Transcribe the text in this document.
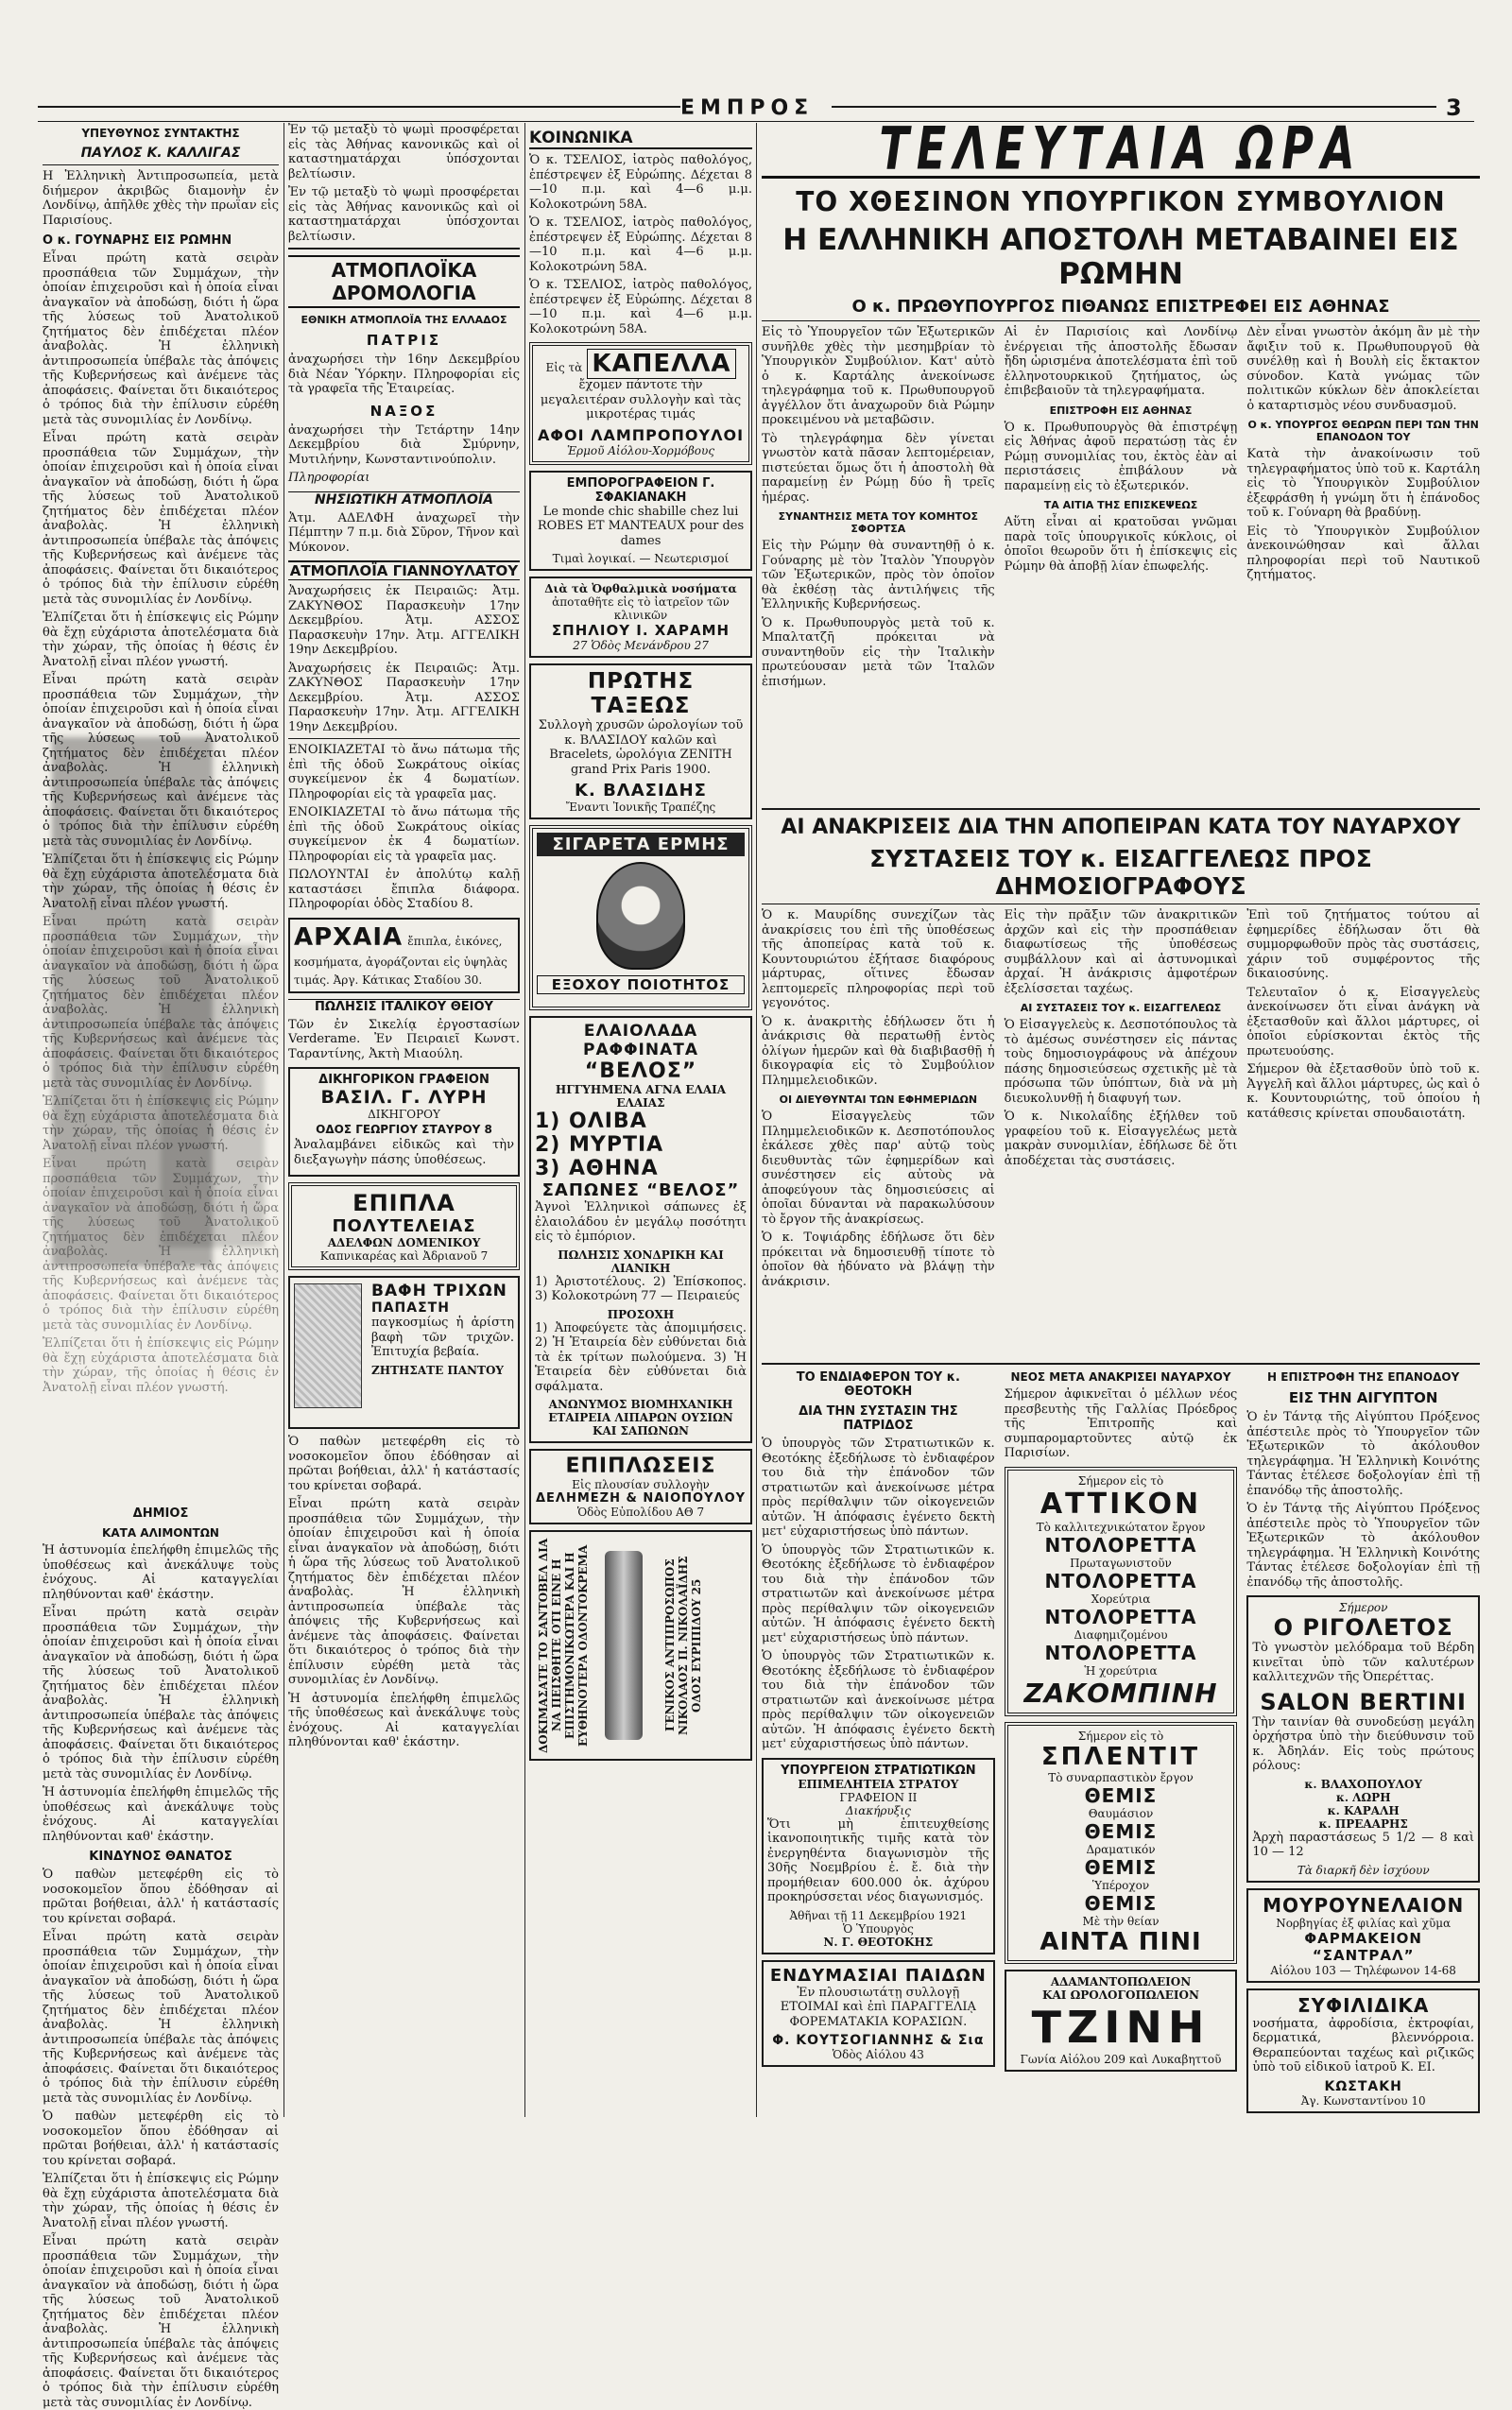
ΕΜΠΡΟΣ	3
ΥΠΕΥΘΥΝΟΣ ΣΥΝΤΑΚΤΗΣ
ΠΑΥΛΟΣ Κ. ΚΑΛΛΙΓΑΣ

Η Ἑλληνικὴ Ἀντιπροσωπεία, μετὰ διήμερον ἀκριβῶς διαμονὴν ἐν Λονδίνῳ, ἀπῆλθε χθὲς τὴν πρωΐαν εἰς Παρισίους.

Ο κ. ΓΟΥΝΑΡΗΣ ΕΙΣ ΡΩΜΗΝ

Εἶναι πρώτη κατὰ σειρὰν προσπάθεια τῶν Συμμάχων, τὴν ὁποίαν ἐπιχειροῦσι καὶ ἡ ὁποία εἶναι ἀναγκαῖον νὰ ἀποδώσῃ, διότι ἡ ὥρα τῆς λύσεως τοῦ Ἀνατολικοῦ ζητήματος δὲν ἐπιδέχεται πλέον ἀναβολὰς. Ἡ ἑλληνικὴ ἀντιπροσωπεία ὑπέβαλε τὰς ἀπόψεις τῆς Κυβερνήσεως καὶ ἀνέμενε τὰς ἀποφάσεις. Φαίνεται ὅτι δικαιότερος ὁ τρόπος διὰ τὴν ἐπίλυσιν εὑρέθη μετὰ τὰς συνομιλίας ἐν Λονδίνῳ.

Εἶναι πρώτη κατὰ σειρὰν προσπάθεια τῶν Συμμάχων, τὴν ὁποίαν ἐπιχειροῦσι καὶ ἡ ὁποία εἶναι ἀναγκαῖον νὰ ἀποδώσῃ, διότι ἡ ὥρα τῆς λύσεως τοῦ Ἀνατολικοῦ ζητήματος δὲν ἐπιδέχεται πλέον ἀναβολὰς. Ἡ ἑλληνικὴ ἀντιπροσωπεία ὑπέβαλε τὰς ἀπόψεις τῆς Κυβερνήσεως καὶ ἀνέμενε τὰς ἀποφάσεις. Φαίνεται ὅτι δικαιότερος ὁ τρόπος διὰ τὴν ἐπίλυσιν εὑρέθη μετὰ τὰς συνομιλίας ἐν Λονδίνῳ.

Ἐλπίζεται ὅτι ἡ ἐπίσκεψις εἰς Ρώμην θὰ ἔχῃ εὐχάριστα ἀποτελέσματα διὰ τὴν χώραν, τῆς ὁποίας ἡ θέσις ἐν Ἀνατολῇ εἶναι πλέον γνωστή.

Εἶναι πρώτη κατὰ σειρὰν προσπάθεια τῶν Συμμάχων, τὴν ὁποίαν ἐπιχειροῦσι καὶ ἡ ὁποία εἶναι ἀναγκαῖον νὰ ἀποδώσῃ, διότι ἡ ὥρα τῆς λύσεως τοῦ Ἀνατολικοῦ ζητήματος δὲν ἐπιδέχεται πλέον ἀναβολὰς. Ἡ ἑλληνικὴ ἀντιπροσωπεία ὑπέβαλε τὰς ἀπόψεις τῆς Κυβερνήσεως καὶ ἀνέμενε τὰς ἀποφάσεις. Φαίνεται ὅτι δικαιότερος ὁ τρόπος διὰ τὴν ἐπίλυσιν εὑρέθη μετὰ τὰς συνομιλίας ἐν Λονδίνῳ.

Ἐλπίζεται ὅτι ἡ ἐπίσκεψις εἰς Ρώμην θὰ ἔχῃ εὐχάριστα ἀποτελέσματα διὰ τὴν χώραν, τῆς ὁποίας ἡ θέσις ἐν Ἀνατολῇ εἶναι πλέον γνωστή.

Εἶναι πρώτη κατὰ σειρὰν προσπάθεια τῶν Συμμάχων, τὴν ὁποίαν ἐπιχειροῦσι καὶ ἡ ὁποία εἶναι ἀναγκαῖον νὰ ἀποδώσῃ, διότι ἡ ὥρα τῆς λύσεως τοῦ Ἀνατολικοῦ ζητήματος δὲν ἐπιδέχεται πλέον ἀναβολὰς. Ἡ ἑλληνικὴ ἀντιπροσωπεία ὑπέβαλε τὰς ἀπόψεις τῆς Κυβερνήσεως καὶ ἀνέμενε τὰς ἀποφάσεις. Φαίνεται ὅτι δικαιότερος ὁ τρόπος διὰ τὴν ἐπίλυσιν εὑρέθη μετὰ τὰς συνομιλίας ἐν Λονδίνῳ.

Ἐλπίζεται ὅτι ἡ ἐπίσκεψις εἰς Ρώμην θὰ ἔχῃ εὐχάριστα ἀποτελέσματα διὰ τὴν χώραν, τῆς ὁποίας ἡ θέσις ἐν Ἀνατολῇ εἶναι πλέον γνωστή.

Εἶναι πρώτη κατὰ σειρὰν προσπάθεια τῶν Συμμάχων, τὴν ὁποίαν ἐπιχειροῦσι καὶ ἡ ὁποία εἶναι ἀναγκαῖον νὰ ἀποδώσῃ, διότι ἡ ὥρα τῆς λύσεως τοῦ Ἀνατολικοῦ ζητήματος δὲν ἐπιδέχεται πλέον ἀναβολὰς. Ἡ ἑλληνικὴ ἀντιπροσωπεία ὑπέβαλε τὰς ἀπόψεις τῆς Κυβερνήσεως καὶ ἀνέμενε τὰς ἀποφάσεις. Φαίνεται ὅτι δικαιότερος ὁ τρόπος διὰ τὴν ἐπίλυσιν εὑρέθη μετὰ τὰς συνομιλίας ἐν Λονδίνῳ.

Ἐλπίζεται ὅτι ἡ ἐπίσκεψις εἰς Ρώμην θὰ ἔχῃ εὐχάριστα ἀποτελέσματα διὰ τὴν χώραν, τῆς ὁποίας ἡ θέσις ἐν Ἀνατολῇ εἶναι πλέον γνωστή.

ΔΗΜΙΟΣ
ΚΑΤΑ ΑΛΙΜΟΝΤΩΝ

Ἡ ἀστυνομία ἐπελήφθη ἐπιμελῶς τῆς ὑποθέσεως καὶ ἀνεκάλυψε τοὺς ἐνόχους. Αἱ καταγγελίαι πληθύνονται καθ' ἑκάστην.

Εἶναι πρώτη κατὰ σειρὰν προσπάθεια τῶν Συμμάχων, τὴν ὁποίαν ἐπιχειροῦσι καὶ ἡ ὁποία εἶναι ἀναγκαῖον νὰ ἀποδώσῃ, διότι ἡ ὥρα τῆς λύσεως τοῦ Ἀνατολικοῦ ζητήματος δὲν ἐπιδέχεται πλέον ἀναβολὰς. Ἡ ἑλληνικὴ ἀντιπροσωπεία ὑπέβαλε τὰς ἀπόψεις τῆς Κυβερνήσεως καὶ ἀνέμενε τὰς ἀποφάσεις. Φαίνεται ὅτι δικαιότερος ὁ τρόπος διὰ τὴν ἐπίλυσιν εὑρέθη μετὰ τὰς συνομιλίας ἐν Λονδίνῳ.

Ἡ ἀστυνομία ἐπελήφθη ἐπιμελῶς τῆς ὑποθέσεως καὶ ἀνεκάλυψε τοὺς ἐνόχους. Αἱ καταγγελίαι πληθύνονται καθ' ἑκάστην.

ΚΙΝΔΥΝΟΣ ΘΑΝΑΤΟΣ

Ὁ παθὼν μετεφέρθη εἰς τὸ νοσοκομεῖον ὅπου ἐδόθησαν αἱ πρῶται βοήθειαι, ἀλλ' ἡ κατάστασίς του κρίνεται σοβαρά.

Εἶναι πρώτη κατὰ σειρὰν προσπάθεια τῶν Συμμάχων, τὴν ὁποίαν ἐπιχειροῦσι καὶ ἡ ὁποία εἶναι ἀναγκαῖον νὰ ἀποδώσῃ, διότι ἡ ὥρα τῆς λύσεως τοῦ Ἀνατολικοῦ ζητήματος δὲν ἐπιδέχεται πλέον ἀναβολὰς. Ἡ ἑλληνικὴ ἀντιπροσωπεία ὑπέβαλε τὰς ἀπόψεις τῆς Κυβερνήσεως καὶ ἀνέμενε τὰς ἀποφάσεις. Φαίνεται ὅτι δικαιότερος ὁ τρόπος διὰ τὴν ἐπίλυσιν εὑρέθη μετὰ τὰς συνομιλίας ἐν Λονδίνῳ.

Ὁ παθὼν μετεφέρθη εἰς τὸ νοσοκομεῖον ὅπου ἐδόθησαν αἱ πρῶται βοήθειαι, ἀλλ' ἡ κατάστασίς του κρίνεται σοβαρά.

Ἐλπίζεται ὅτι ἡ ἐπίσκεψις εἰς Ρώμην θὰ ἔχῃ εὐχάριστα ἀποτελέσματα διὰ τὴν χώραν, τῆς ὁποίας ἡ θέσις ἐν Ἀνατολῇ εἶναι πλέον γνωστή.

Εἶναι πρώτη κατὰ σειρὰν προσπάθεια τῶν Συμμάχων, τὴν ὁποίαν ἐπιχειροῦσι καὶ ἡ ὁποία εἶναι ἀναγκαῖον νὰ ἀποδώσῃ, διότι ἡ ὥρα τῆς λύσεως τοῦ Ἀνατολικοῦ ζητήματος δὲν ἐπιδέχεται πλέον ἀναβολὰς. Ἡ ἑλληνικὴ ἀντιπροσωπεία ὑπέβαλε τὰς ἀπόψεις τῆς Κυβερνήσεως καὶ ἀνέμενε τὰς ἀποφάσεις. Φαίνεται ὅτι δικαιότερος ὁ τρόπος διὰ τὴν ἐπίλυσιν εὑρέθη μετὰ τὰς συνομιλίας ἐν Λονδίνῳ.

Ἐν τῷ μεταξὺ τὸ ψωμὶ προσφέρεται εἰς τὰς Ἀθήνας κανονικῶς καὶ οἱ καταστηματάρχαι ὑπόσχονται βελτίωσιν.

Ἐν τῷ μεταξὺ τὸ ψωμὶ προσφέρεται εἰς τὰς Ἀθήνας κανονικῶς καὶ οἱ καταστηματάρχαι ὑπόσχονται βελτίωσιν.

ΑΤΜΟΠΛΟΪΚΑ ΔΡΟΜΟΛΟΓΙΑ
ΕΘΝΙΚΗ ΑΤΜΟΠΛΟΪΑ ΤΗΣ ΕΛΛΑΔΟΣ
ΠΑΤΡΙΣ

ἀναχωρήσει τὴν 16ην Δεκεμβρίου διὰ Νέαν Ὑόρκην. Πληροφορίαι εἰς τὰ γραφεῖα τῆς Ἑταιρείας.

ΝΑΞΟΣ

ἀναχωρήσει τὴν Τετάρτην 14ην Δεκεμβρίου διὰ Σμύρνην, Μυτιλήνην, Κωνσταντινούπολιν.

Πληροφορίαι

ΝΗΣΙΩΤΙΚΗ ΑΤΜΟΠΛΟΪΑ

Ἀτμ. ΑΔΕΛΦΗ ἀναχωρεῖ τὴν Πέμπτην 7 π.μ. διὰ Σῦρον, Τῆνον καὶ Μύκονον.

ΑΤΜΟΠΛΟΪΑ ΓΙΑΝΝΟΥΛΑΤΟΥ

Ἀναχωρήσεις ἐκ Πειραιῶς: Ἀτμ. ΖΑΚΥΝΘΟΣ Παρασκευὴν 17ην Δεκεμβρίου. Ἀτμ. ΑΣΣΟΣ Παρασκευὴν 17ην. Ἀτμ. ΑΓΓΕΛΙΚΗ 19ην Δεκεμβρίου.

Ἀναχωρήσεις ἐκ Πειραιῶς: Ἀτμ. ΖΑΚΥΝΘΟΣ Παρασκευὴν 17ην Δεκεμβρίου. Ἀτμ. ΑΣΣΟΣ Παρασκευὴν 17ην. Ἀτμ. ΑΓΓΕΛΙΚΗ 19ην Δεκεμβρίου.

ΕΝΟΙΚΙΑΖΕΤΑΙ τὸ ἄνω πάτωμα τῆς ἐπὶ τῆς ὁδοῦ Σωκράτους οἰκίας συγκείμενον ἐκ 4 δωματίων. Πληροφορίαι εἰς τὰ γραφεῖα μας.

ΕΝΟΙΚΙΑΖΕΤΑΙ τὸ ἄνω πάτωμα τῆς ἐπὶ τῆς ὁδοῦ Σωκράτους οἰκίας συγκείμενον ἐκ 4 δωματίων. Πληροφορίαι εἰς τὰ γραφεῖα μας.

ΠΩΛΟΥΝΤΑΙ ἐν ἀπολύτῳ καλῇ καταστάσει ἔπιπλα διάφορα. Πληροφορίαι ὁδὸς Σταδίου 8.

ΑΡΧΑΙΑ ἔπιπλα, ἐικόνες, κοσμήματα, ἀγοράζονται εἰς ὑψηλὰς τιμάς. Ἀργ. Κάτικας Σταδίου 30.
ΠΩΛΗΣΙΣ ΙΤΑΛΙΚΟΥ ΘΕΙΟΥ

Τῶν ἐν Σικελίᾳ ἐργοστασίων Verderame. Ἐν Πειραιεῖ Κωνστ. Ταραντίνης, Ἀκτὴ Μιαούλη.

ΔΙΚΗΓΟΡΙΚΟΝ ΓΡΑΦΕΙΟΝ
ΒΑΣΙΛ. Γ. ΛΥΡΗ
ΔΙΚΗΓΟΡΟΥ
ΟΔΟΣ ΓΕΩΡΓΙΟΥ ΣΤΑΥΡΟΥ 8

Ἀναλαμβάνει εἰδικῶς καὶ τὴν διεξαγωγὴν πάσης ὑποθέσεως.

ΕΠΙΠΛΑ
ΠΟΛΥΤΕΛΕΙΑΣ
ΑΔΕΛΦΩΝ ΔΟΜΕΝΙΚΟΥ
Καπνικαρέας καὶ Ἀδριανοῦ 7
ΒΑΦΗ ΤΡΙΧΩΝ
ΠΑΠΑΣΤΗ

παγκοσμίως ἡ ἀρίστη βαφὴ τῶν τριχῶν. Ἐπιτυχία βεβαία.

ΖΗΤΗΣΑΤΕ ΠΑΝΤΟΥ

Ὁ παθὼν μετεφέρθη εἰς τὸ νοσοκομεῖον ὅπου ἐδόθησαν αἱ πρῶται βοήθειαι, ἀλλ' ἡ κατάστασίς του κρίνεται σοβαρά.

Εἶναι πρώτη κατὰ σειρὰν προσπάθεια τῶν Συμμάχων, τὴν ὁποίαν ἐπιχειροῦσι καὶ ἡ ὁποία εἶναι ἀναγκαῖον νὰ ἀποδώσῃ, διότι ἡ ὥρα τῆς λύσεως τοῦ Ἀνατολικοῦ ζητήματος δὲν ἐπιδέχεται πλέον ἀναβολὰς. Ἡ ἑλληνικὴ ἀντιπροσωπεία ὑπέβαλε τὰς ἀπόψεις τῆς Κυβερνήσεως καὶ ἀνέμενε τὰς ἀποφάσεις. Φαίνεται ὅτι δικαιότερος ὁ τρόπος διὰ τὴν ἐπίλυσιν εὑρέθη μετὰ τὰς συνομιλίας ἐν Λονδίνῳ.

Ἡ ἀστυνομία ἐπελήφθη ἐπιμελῶς τῆς ὑποθέσεως καὶ ἀνεκάλυψε τοὺς ἐνόχους. Αἱ καταγγελίαι πληθύνονται καθ' ἑκάστην.

ΚΟΙΝΩΝΙΚΑ

Ὁ κ. ΤΣΕΛΙΟΣ, ἰατρὸς παθολόγος, ἐπέστρεψεν ἐξ Εὐρώπης. Δέχεται 8—10 π.μ. καὶ 4—6 μ.μ. Κολοκοτρώνη 58Α.

Ὁ κ. ΤΣΕΛΙΟΣ, ἰατρὸς παθολόγος, ἐπέστρεψεν ἐξ Εὐρώπης. Δέχεται 8—10 π.μ. καὶ 4—6 μ.μ. Κολοκοτρώνη 58Α.

Ὁ κ. ΤΣΕΛΙΟΣ, ἰατρὸς παθολόγος, ἐπέστρεψεν ἐξ Εὐρώπης. Δέχεται 8—10 π.μ. καὶ 4—6 μ.μ. Κολοκοτρώνη 58Α.

Εἰς τὰ ΚΑΠΕΛΛΑ

ἔχομεν πάντοτε τὴν μεγαλειτέραν συλλογὴν καὶ τὰς μικροτέρας τιμάς

ΑΦΟΙ ΛΑΜΠΡΟΠΟΥΛΟΙ
Ἑρμοῦ Αἰόλου-Χορμόβους
ΕΜΠΟΡΟΓΡΑΦΕΙΟΝ Γ. ΣΦΑΚΙΑΝΑΚΗ

Le monde chic shabille chez lui ROBES ET MANTEAUX pour des dames

Τιμαὶ λογικαί. — Νεωτερισμοί
Διὰ τὰ Ὀφθαλμικὰ νοσήματα
ἀποταθῆτε εἰς τὸ ἰατρεῖον τῶν κλινικῶν
ΣΠΗΛΙΟΥ Ι. ΧΑΡΑΜΗ
27 Ὁδὸς Μενάνδρου 27
ΠΡΩΤΗΣ ΤΑΞΕΩΣ

Συλλογὴ χρυσῶν ὡρολογίων τοῦ κ. ΒΛΑΣΙΔΟΥ καλῶν καὶ Bracelets, ὡρολόγια ZENITH grand Prix Paris 1900.

Κ. ΒΛΑΣΙΔΗΣ
Ἔναντι Ἰονικῆς Τραπέζης
ΣΙΓΑΡΕΤΑ ΕΡΜΗΣ
ΕΞΟΧΟΥ ΠΟΙΟΤΗΤΟΣ
ΕΛΑΙΟΛΑΔΑ ΡΑΦΦΙΝΑΤΑ
“ΒΕΛΟΣ”
ΗΓΓΥΗΜΕΝΑ ΑΓΝΑ ΕΛΑΙΑ ΕΛΑΙΑΣ
1) ΟΛΙΒΑ
2) ΜΥΡΤΙΑ
3) ΑΘΗΝΑ
ΣΑΠΩΝΕΣ “ΒΕΛΟΣ”

Ἁγνοὶ Ἑλληνικοὶ σάπωνες ἐξ ἐλαιολάδου ἐν μεγάλῳ ποσότητι εἰς τὸ ἐμπόριον.

ΠΩΛΗΣΙΣ ΧΟΝΔΡΙΚΗ ΚΑΙ ΛΙΑΝΙΚΗ

1) Ἀριστοτέλους. 2) Ἐπίσκοπος. 3) Κολοκοτρώνη 77 — Πειραιεύς

ΠΡΟΣΟΧΗ

1) Ἀποφεύγετε τὰς ἀπομιμήσεις. 2) Ἡ Ἑταιρεία δὲν εὐθύνεται διὰ τὰ ἐκ τρίτων πωλούμενα. 3) Ἡ Ἑταιρεία δὲν εὐθύνεται διὰ σφάλματα.

ΑΝΩΝΥΜΟΣ ΒΙΟΜΗΧΑΝΙΚΗ ΕΤΑΙΡΕΙΑ ΛΙΠΑΡΩΝ ΟΥΣΙΩΝ ΚΑΙ ΣΑΠΩΝΩΝ
ΕΠΙΠΛΩΣΕΙΣ
Εἰς πλουσίαν συλλογὴν
ΔΕΛΗΜΕΖΗ & ΝΑΙΟΠΟΥΛΟΥ
Ὁδὸς Εὐπολίδου ΑΘ 7
ΔΟΚΙΜΑΣΑΤΕ ΤΟ ΣΑΝΤΟΒΕΛ ΔΙΑ ΝΑ ΠΕΙΣΘΗΤΕ ΟΤΙ ΕΙΝΕ Η ΕΠΙΣΤΗΜΟΝΙΚΩΤΕΡΑ ΚΑΙ Η ΕΥΘΗΝΟΤΕΡΑ ΟΔΟΝΤΟΚΡΕΜΑ	ΓΕΝΙΚΟΣ ΑΝΤΙΠΡΟΣΩΠΟΣ ΝΙΚΟΛΑΟΣ Π. ΝΙΚΟΛΑΪΔΗΣ ΟΔΟΣ ΕΥΡΙΠΙΔΟΥ 25
ΤΕΛΕΥΤΑΙΑ ΩΡΑ
ΤΟ ΧΘΕΣΙΝΟΝ ΥΠΟΥΡΓΙΚΟΝ ΣΥΜΒΟΥΛΙΟΝ
Η ΕΛΛΗΝΙΚΗ ΑΠΟΣΤΟΛΗ ΜΕΤΑΒΑΙΝΕΙ ΕΙΣ ΡΩΜΗΝ
Ο κ. ΠΡΩΘΥΠΟΥΡΓΟΣ ΠΙΘΑΝΩΣ ΕΠΙΣΤΡΕΦΕΙ ΕΙΣ ΑΘΗΝΑΣ

Εἰς τὸ Ὑπουργεῖον τῶν Ἐξωτερικῶν συνῆλθε χθὲς τὴν μεσημβρίαν τὸ Ὑπουργικὸν Συμβούλιον. Κατ' αὐτὸ ὁ κ. Καρτάλης ἀνεκοίνωσε τηλεγράφημα τοῦ κ. Πρωθυπουργοῦ ἀγγέλλον ὅτι ἀναχωροῦν διὰ Ρώμην προκειμένου νὰ μεταβῶσιν.

Τὸ τηλεγράφημα δὲν γίνεται γνωστὸν κατὰ πᾶσαν λεπτομέρειαν, πιστεύεται ὅμως ὅτι ἡ ἀποστολὴ θὰ παραμείνῃ ἐν Ρώμῃ δύο ἢ τρεῖς ἡμέρας.

ΣΥΝΑΝΤΗΣΙΣ ΜΕΤΑ ΤΟΥ ΚΟΜΗΤΟΣ ΣΦΟΡΤΣΑ

Εἰς τὴν Ρώμην θὰ συναντηθῇ ὁ κ. Γούναρης μὲ τὸν Ἰταλὸν Ὑπουργὸν τῶν Ἐξωτερικῶν, πρὸς τὸν ὁποῖον θὰ ἐκθέσῃ τὰς ἀντιλήψεις τῆς Ἑλληνικῆς Κυβερνήσεως.

Ὁ κ. Πρωθυπουργὸς μετὰ τοῦ κ. Μπαλτατζῆ πρόκειται νὰ συναντηθοῦν εἰς τὴν Ἰταλικὴν πρωτεύουσαν μετὰ τῶν Ἰταλῶν ἐπισήμων.

Αἱ ἐν Παρισίοις καὶ Λονδίνῳ ἐνέργειαι τῆς ἀποστολῆς ἔδωσαν ἤδη ὡρισμένα ἀποτελέσματα ἐπὶ τοῦ ἑλληνοτουρκικοῦ ζητήματος, ὡς ἐπιβεβαιοῦν τὰ τηλεγραφήματα.

ΕΠΙΣΤΡΟΦΗ ΕΙΣ ΑΘΗΝΑΣ

Ὁ κ. Πρωθυπουργὸς θὰ ἐπιστρέψῃ εἰς Ἀθήνας ἀφοῦ περατώσῃ τὰς ἐν Ρώμῃ συνομιλίας του, ἐκτὸς ἐὰν αἱ περιστάσεις ἐπιβάλουν νὰ παραμείνῃ εἰς τὸ ἐξωτερικόν.

ΤΑ ΑΙΤΙΑ ΤΗΣ ΕΠΙΣΚΕΨΕΩΣ

Αὕτη εἶναι αἱ κρατοῦσαι γνῶμαι παρὰ τοῖς ὑπουργικοῖς κύκλοις, οἱ ὁποῖοι θεωροῦν ὅτι ἡ ἐπίσκεψις εἰς Ρώμην θὰ ἀποβῇ λίαν ἐπωφελής.

Δὲν εἶναι γνωστὸν ἀκόμη ἂν μὲ τὴν ἄφιξιν τοῦ κ. Πρωθυπουργοῦ θὰ συνέλθῃ καὶ ἡ Βουλὴ εἰς ἔκτακτον σύνοδον. Κατὰ γνώμας τῶν πολιτικῶν κύκλων δὲν ἀποκλείεται ὁ καταρτισμὸς νέου συνδυασμοῦ.

Ο κ. ΥΠΟΥΡΓΟΣ ΘΕΩΡΩΝ ΠΕΡΙ ΤΩΝ ΤΗΝ ΕΠΑΝΟΔΟΝ ΤΟΥ

Κατὰ τὴν ἀνακοίνωσιν τοῦ τηλεγραφήματος ὑπὸ τοῦ κ. Καρτάλη εἰς τὸ Ὑπουργικὸν Συμβούλιον ἐξεφράσθη ἡ γνώμη ὅτι ἡ ἐπάνοδος τοῦ κ. Γούναρη θὰ βραδύνῃ.

Εἰς τὸ Ὑπουργικὸν Συμβούλιον ἀνεκοινώθησαν καὶ ἄλλαι πληροφορίαι περὶ τοῦ Ναυτικοῦ ζητήματος.

ΑΙ ΑΝΑΚΡΙΣΕΙΣ ΔΙΑ ΤΗΝ ΑΠΟΠΕΙΡΑΝ ΚΑΤΑ ΤΟΥ ΝΑΥΑΡΧΟΥ
ΣΥΣΤΑΣΕΙΣ ΤΟΥ κ. ΕΙΣΑΓΓΕΛΕΩΣ ΠΡΟΣ ΔΗΜΟΣΙΟΓΡΑΦΟΥΣ

Ὁ κ. Μαυρίδης συνεχίζων τὰς ἀνακρίσεις του ἐπὶ τῆς ὑποθέσεως τῆς ἀποπείρας κατὰ τοῦ κ. Κουντουριώτου ἐξήτασε διαφόρους μάρτυρας, οἵτινες ἔδωσαν λεπτομερεῖς πληροφορίας περὶ τοῦ γεγονότος.

Ὁ κ. ἀνακριτὴς ἐδήλωσεν ὅτι ἡ ἀνάκρισις θὰ περατωθῇ ἐντὸς ὀλίγων ἡμερῶν καὶ θὰ διαβιβασθῇ ἡ δικογραφία εἰς τὸ Συμβούλιον Πλημμελειοδικῶν.

ΟΙ ΔΙΕΥΘΥΝΤΑΙ ΤΩΝ ΕΦΗΜΕΡΙΔΩΝ

Ὁ Εἰσαγγελεὺς τῶν Πλημμελειοδικῶν κ. Δεσποτόπουλος ἐκάλεσε χθὲς παρ' αὐτῷ τοὺς διευθυντὰς τῶν ἐφημερίδων καὶ συνέστησεν εἰς αὐτοὺς νὰ ἀποφεύγουν τὰς δημοσιεύσεις αἱ ὁποῖαι δύνανται νὰ παρακωλύσουν τὸ ἔργον τῆς ἀνακρίσεως.

Ὁ κ. Τοψιάρδης ἐδήλωσε ὅτι δὲν πρόκειται νὰ δημοσιευθῇ τίποτε τὸ ὁποῖον θὰ ἠδύνατο νὰ βλάψῃ τὴν ἀνάκρισιν.

Εἰς τὴν πρᾶξιν τῶν ἀνακριτικῶν ἀρχῶν καὶ εἰς τὴν προσπάθειαν διαφωτίσεως τῆς ὑποθέσεως συμβάλλουν καὶ αἱ ἀστυνομικαὶ ἀρχαί. Ἡ ἀνάκρισις ἀμφοτέρων ἐξελίσσεται ταχέως.

ΑΙ ΣΥΣΤΑΣΕΙΣ ΤΟΥ κ. ΕΙΣΑΓΓΕΛΕΩΣ

Ὁ Εἰσαγγελεὺς κ. Δεσποτόπουλος τὰ τὸ ἀμέσως συνέστησεν εἰς πάντας τοὺς δημοσιογράφους νὰ ἀπέχουν πάσης δημοσιεύσεως σχετικῆς μὲ τὰ πρόσωπα τῶν ὑπόπτων, διὰ νὰ μὴ διευκολυνθῇ ἡ διαφυγή των.

Ὁ κ. Νικολαΐδης ἐξήλθεν τοῦ γραφείου τοῦ κ. Εἰσαγγελέως μετὰ μακρὰν συνομιλίαν, ἐδήλωσε δὲ ὅτι ἀποδέχεται τὰς συστάσεις.

Ἐπὶ τοῦ ζητήματος τούτου αἱ ἐφημερίδες ἐδήλωσαν ὅτι θὰ συμμορφωθοῦν πρὸς τὰς συστάσεις, χάριν τοῦ συμφέροντος τῆς δικαιοσύνης.

Τελευταῖον ὁ κ. Εἰσαγγελεὺς ἀνεκοίνωσεν ὅτι εἶναι ἀνάγκη νὰ ἐξετασθοῦν καὶ ἄλλοι μάρτυρες, οἱ ὁποῖοι εὑρίσκονται ἐκτὸς τῆς πρωτευούσης.

Σήμερον θὰ ἐξετασθοῦν ὑπὸ τοῦ κ. Ἀγγελῆ καὶ ἄλλοι μάρτυρες, ὡς καὶ ὁ κ. Κουντουριώτης, τοῦ ὁποίου ἡ κατάθεσις κρίνεται σπουδαιοτάτη.

ΤΟ ΕΝΔΙΑΦΕΡΟΝ ΤΟΥ κ. ΘΕΟΤΟΚΗ
ΔΙΑ ΤΗΝ ΣΥΣΤΑΣΙΝ ΤΗΣ ΠΑΤΡΙΔΟΣ

Ὁ ὑπουργὸς τῶν Στρατιωτικῶν κ. Θεοτόκης ἐξεδήλωσε τὸ ἐνδιαφέρον του διὰ τὴν ἐπάνοδον τῶν στρατιωτῶν καὶ ἀνεκοίνωσε μέτρα πρὸς περίθαλψιν τῶν οἰκογενειῶν αὐτῶν. Ἡ ἀπόφασις ἐγένετο δεκτὴ μετ' εὐχαριστήσεως ὑπὸ πάντων.

Ὁ ὑπουργὸς τῶν Στρατιωτικῶν κ. Θεοτόκης ἐξεδήλωσε τὸ ἐνδιαφέρον του διὰ τὴν ἐπάνοδον τῶν στρατιωτῶν καὶ ἀνεκοίνωσε μέτρα πρὸς περίθαλψιν τῶν οἰκογενειῶν αὐτῶν. Ἡ ἀπόφασις ἐγένετο δεκτὴ μετ' εὐχαριστήσεως ὑπὸ πάντων.

Ὁ ὑπουργὸς τῶν Στρατιωτικῶν κ. Θεοτόκης ἐξεδήλωσε τὸ ἐνδιαφέρον του διὰ τὴν ἐπάνοδον τῶν στρατιωτῶν καὶ ἀνεκοίνωσε μέτρα πρὸς περίθαλψιν τῶν οἰκογενειῶν αὐτῶν. Ἡ ἀπόφασις ἐγένετο δεκτὴ μετ' εὐχαριστήσεως ὑπὸ πάντων.

ΥΠΟΥΡΓΕΙΟΝ ΣΤΡΑΤΙΩΤΙΚΩΝ
ΕΠΙΜΕΛΗΤΕΙΑ ΣΤΡΑΤΟΥ
ΓΡΑΦΕΙΟΝ ΙΙ
Διακήρυξις

Ὅτι μὴ ἐπιτευχθείσης ἱκανοποιητικῆς τιμῆς κατὰ τὸν ἐνεργηθέντα διαγωνισμὸν τῆς 30ῆς Νοεμβρίου ἐ. ἔ. διὰ τὴν προμήθειαν 600.000 ὀκ. ἀχύρου προκηρύσσεται νέος διαγωνισμός.

Ἀθῆναι τῇ 11 Δεκεμβρίου 1921
Ὁ Ὑπουργὸς
Ν. Γ. ΘΕΟΤΟΚΗΣ
ΕΝΔΥΜΑΣΙΑΙ ΠΑΙΔΩΝ

Ἐν πλουσιωτάτῃ συλλογῇ ΕΤΟΙΜΑΙ καὶ ἐπὶ ΠΑΡΑΓΓΕΛΙᾼ ΦΟΡΕΜΑΤΑΚΙΑ ΚΟΡΑΣΙΩΝ.

Φ. ΚΟΥΤΣΟΓΙΑΝΝΗΣ & Σια
Ὁδὸς Αἰόλου 43
ΝΕΟΣ ΜΕΤΑ ΑΝΑΚΡΙΣΕΙ ΝΑΥΑΡΧΟΥ

Σήμερον ἀφικνεῖται ὁ μέλλων νέος πρεσβευτὴς τῆς Γαλλίας Πρόεδρος τῆς Ἐπιτροπῆς καὶ συμπαρομαρτοῦντες αὐτῷ ἐκ Παρισίων.

Σήμερον εἰς τὸ
ΑΤΤΙΚΟΝ
Τὸ καλλιτεχνικώτατον ἔργον
ΝΤΟΛΟΡΕΤΤΑ
Πρωταγωνιστοῦν
ΝΤΟΛΟΡΕΤΤΑ
Χορεύτρια
ΝΤΟΛΟΡΕΤΤΑ
Διαφημιζομένου
ΝΤΟΛΟΡΕΤΤΑ
Ἡ χορεύτρια
ΖΑΚΟΜΠΙΝΗ
Σήμερον εἰς τὸ
ΣΠΛΕΝΤΙΤ
Τὸ συναρπαστικὸν ἔργον
ΘΕΜΙΣ
Θαυμάσιον
ΘΕΜΙΣ
Δραματικόν
ΘΕΜΙΣ
Ὑπέροχον
ΘΕΜΙΣ
Μὲ τὴν θείαν
ΑΙΝΤΑ ΠΙΝΙ
ΑΔΑΜΑΝΤΟΠΩΛΕΙΟΝ
ΚΑΙ ΩΡΟΛΟΓΟΠΩΛΕΙΟΝ
ΤΖΙΝΗ
Γωνία Αἰόλου 209 καὶ Λυκαβηττοῦ
Η ΕΠΙΣΤΡΟΦΗ ΤΗΣ ΕΠΑΝΟΔΟΥ
ΕΙΣ ΤΗΝ ΑΙΓΥΠΤΟΝ

Ὁ ἐν Τάντᾳ τῆς Αἰγύπτου Πρόξενος ἀπέστειλε πρὸς τὸ Ὑπουργεῖον τῶν Ἐξωτερικῶν τὸ ἀκόλουθον τηλεγράφημα. Ἡ Ἑλληνικὴ Κοινότης Τάντας ἐτέλεσε δοξολογίαν ἐπὶ τῇ ἐπανόδῳ τῆς ἀποστολῆς.

Ὁ ἐν Τάντᾳ τῆς Αἰγύπτου Πρόξενος ἀπέστειλε πρὸς τὸ Ὑπουργεῖον τῶν Ἐξωτερικῶν τὸ ἀκόλουθον τηλεγράφημα. Ἡ Ἑλληνικὴ Κοινότης Τάντας ἐτέλεσε δοξολογίαν ἐπὶ τῇ ἐπανόδῳ τῆς ἀποστολῆς.

Σήμερον
Ο ΡΙΓΟΛΕΤΟΣ

Τὸ γνωστὸν μελόδραμα τοῦ Βέρδη κινεῖται ὑπὸ τῶν καλυτέρων καλλιτεχνῶν τῆς Ὀπερέττας.

SALON BERTINI

Τὴν ταινίαν θὰ συνοδεύσῃ μεγάλη ὀρχήστρα ὑπὸ τὴν διεύθυνσιν τοῦ κ. Ἀδηλάν. Εἰς τοὺς πρώτους ρόλους:

κ. ΒΛΑΧΟΠΟΥΛΟΥ
κ. ΛΩΡΗ
κ. ΚΑΡΑΛΗ
κ. ΠΡΕΑΑΡΗΣ

Ἀρχὴ παραστάσεως 5 1/2 — 8 καὶ 10 — 12

Τὰ διαρκῆ δὲν ἰσχύουν
ΜΟΥΡΟΥΝΕΛΑΙΟΝ
Νορβηγίας ἐξ φιλίας καὶ χῦμα
ΦΑΡΜΑΚΕΙΟΝ “ΣΑΝΤΡΑΛ”
Αἰόλου 103 — Τηλέφωνον 14-68
ΣΥΦΙΛΙΔΙΚΑ

νοσήματα, ἀφροδίσια, ἐκτροφίαι, δερματικά, βλεννόρροια. Θεραπεύονται ταχέως καὶ ριζικῶς ὑπὸ τοῦ εἰδικοῦ ἰατροῦ Κ. ΕΙ.

ΚΩΣΤΑΚΗ
Ἀγ. Κωνσταντίνου 10
